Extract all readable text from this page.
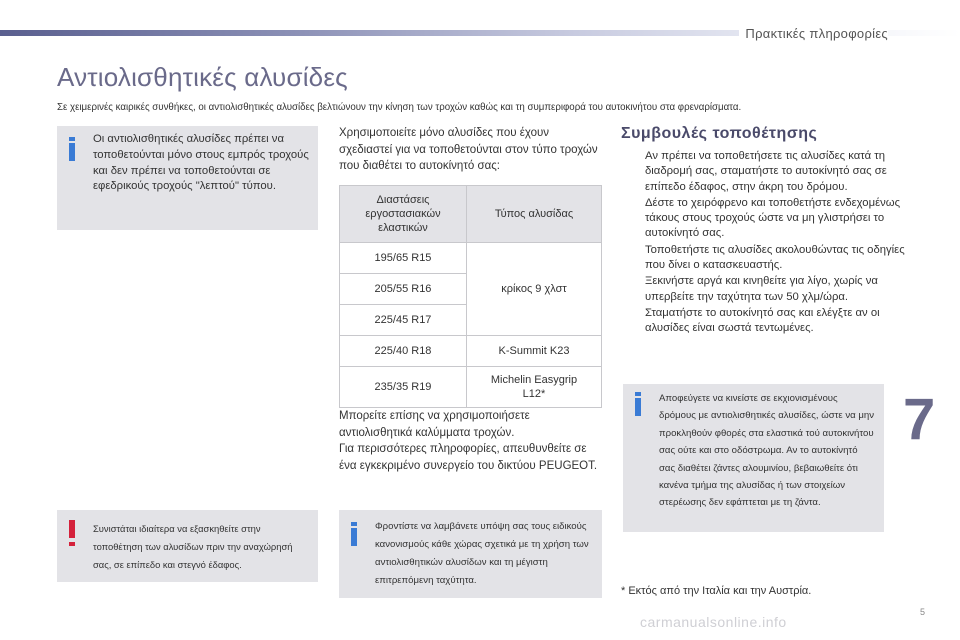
Πρακτικές πληροφορίες
Αντιολισθητικές αλυσίδες
Σε χειμερινές καιρικές συνθήκες, οι αντιολισθητικές αλυσίδες βελτιώνουν την κίνηση των τροχών καθώς και τη συμπεριφορά του αυτοκινήτου στα φρεναρίσματα.
Οι αντιολισθητικές αλυσίδες πρέπει να τοποθετούνται μόνο στους εμπρός τροχούς και δεν πρέπει να τοποθετούνται σε εφεδρικούς τροχούς "λεπτού" τύπου.
Συνιστάται ιδιαίτερα να εξασκηθείτε στην τοποθέτηση των αλυσίδων πριν την αναχώρησή σας, σε επίπεδο και στεγνό έδαφος.
Χρησιμοποιείτε μόνο αλυσίδες που έχουν σχεδιαστεί για να τοποθετούνται στον τύπο τροχών που διαθέτει το αυτοκίνητό σας:
Διαστάσεις εργοστασιακών ελαστικών	Τύπος αλυσίδας
195/65 R15	κρίκος 9 χλστ
205/55 R16	
225/45 R17	
225/40 R18	K-Summit K23
235/35 R19	Michelin Easygrip L12*
Μπορείτε επίσης να χρησιμοποιήσετε αντιολισθητικά καλύμματα τροχών.
Για περισσότερες πληροφορίες, απευθυνθείτε σε ένα εγκεκριμένο συνεργείο του δικτύου PEUGEOT.
Φροντίστε να λαμβάνετε υπόψη σας τους ειδικούς κανονισμούς κάθε χώρας σχετικά με τη χρήση των αντιολισθητικών αλυσίδων και τη μέγιστη επιτρεπόμενη ταχύτητα.
Συμβουλές τοποθέτησης
Αν πρέπει να τοποθετήσετε τις αλυσίδες κατά τη διαδρομή σας, σταματήστε το αυτοκίνητό σας σε επίπεδο έδαφος, στην άκρη του δρόμου.
Δέστε το χειρόφρενο και τοποθετήστε ενδεχομένως τάκους στους τροχούς ώστε να μη γλιστρήσει το αυτοκίνητό σας.
Τοποθετήστε τις αλυσίδες ακολουθώντας τις οδηγίες που δίνει ο κατασκευαστής.
Ξεκινήστε αργά και κινηθείτε για λίγο, χωρίς να υπερβείτε την ταχύτητα των 50 χλμ/ώρα.
Σταματήστε το αυτοκίνητό σας και ελέγξτε αν οι αλυσίδες είναι σωστά τεντωμένες.
Αποφεύγετε να κινείστε σε εκχιονισμένους δρόμους με αντιολισθητικές αλυσίδες, ώστε να μην προκληθούν φθορές στα ελαστικά τού αυτοκινήτου σας ούτε και στο οδόστρωμα. Αν το αυτοκίνητό σας διαθέτει ζάντες αλουμινίου, βεβαιωθείτε ότι κανένα τμήμα της αλυσίδας ή των στοιχείων στερέωσης δεν εφάπτεται με τη ζάντα.
* Εκτός από την Ιταλία και την Αυστρία.
7
5
carmanualsonline.info
